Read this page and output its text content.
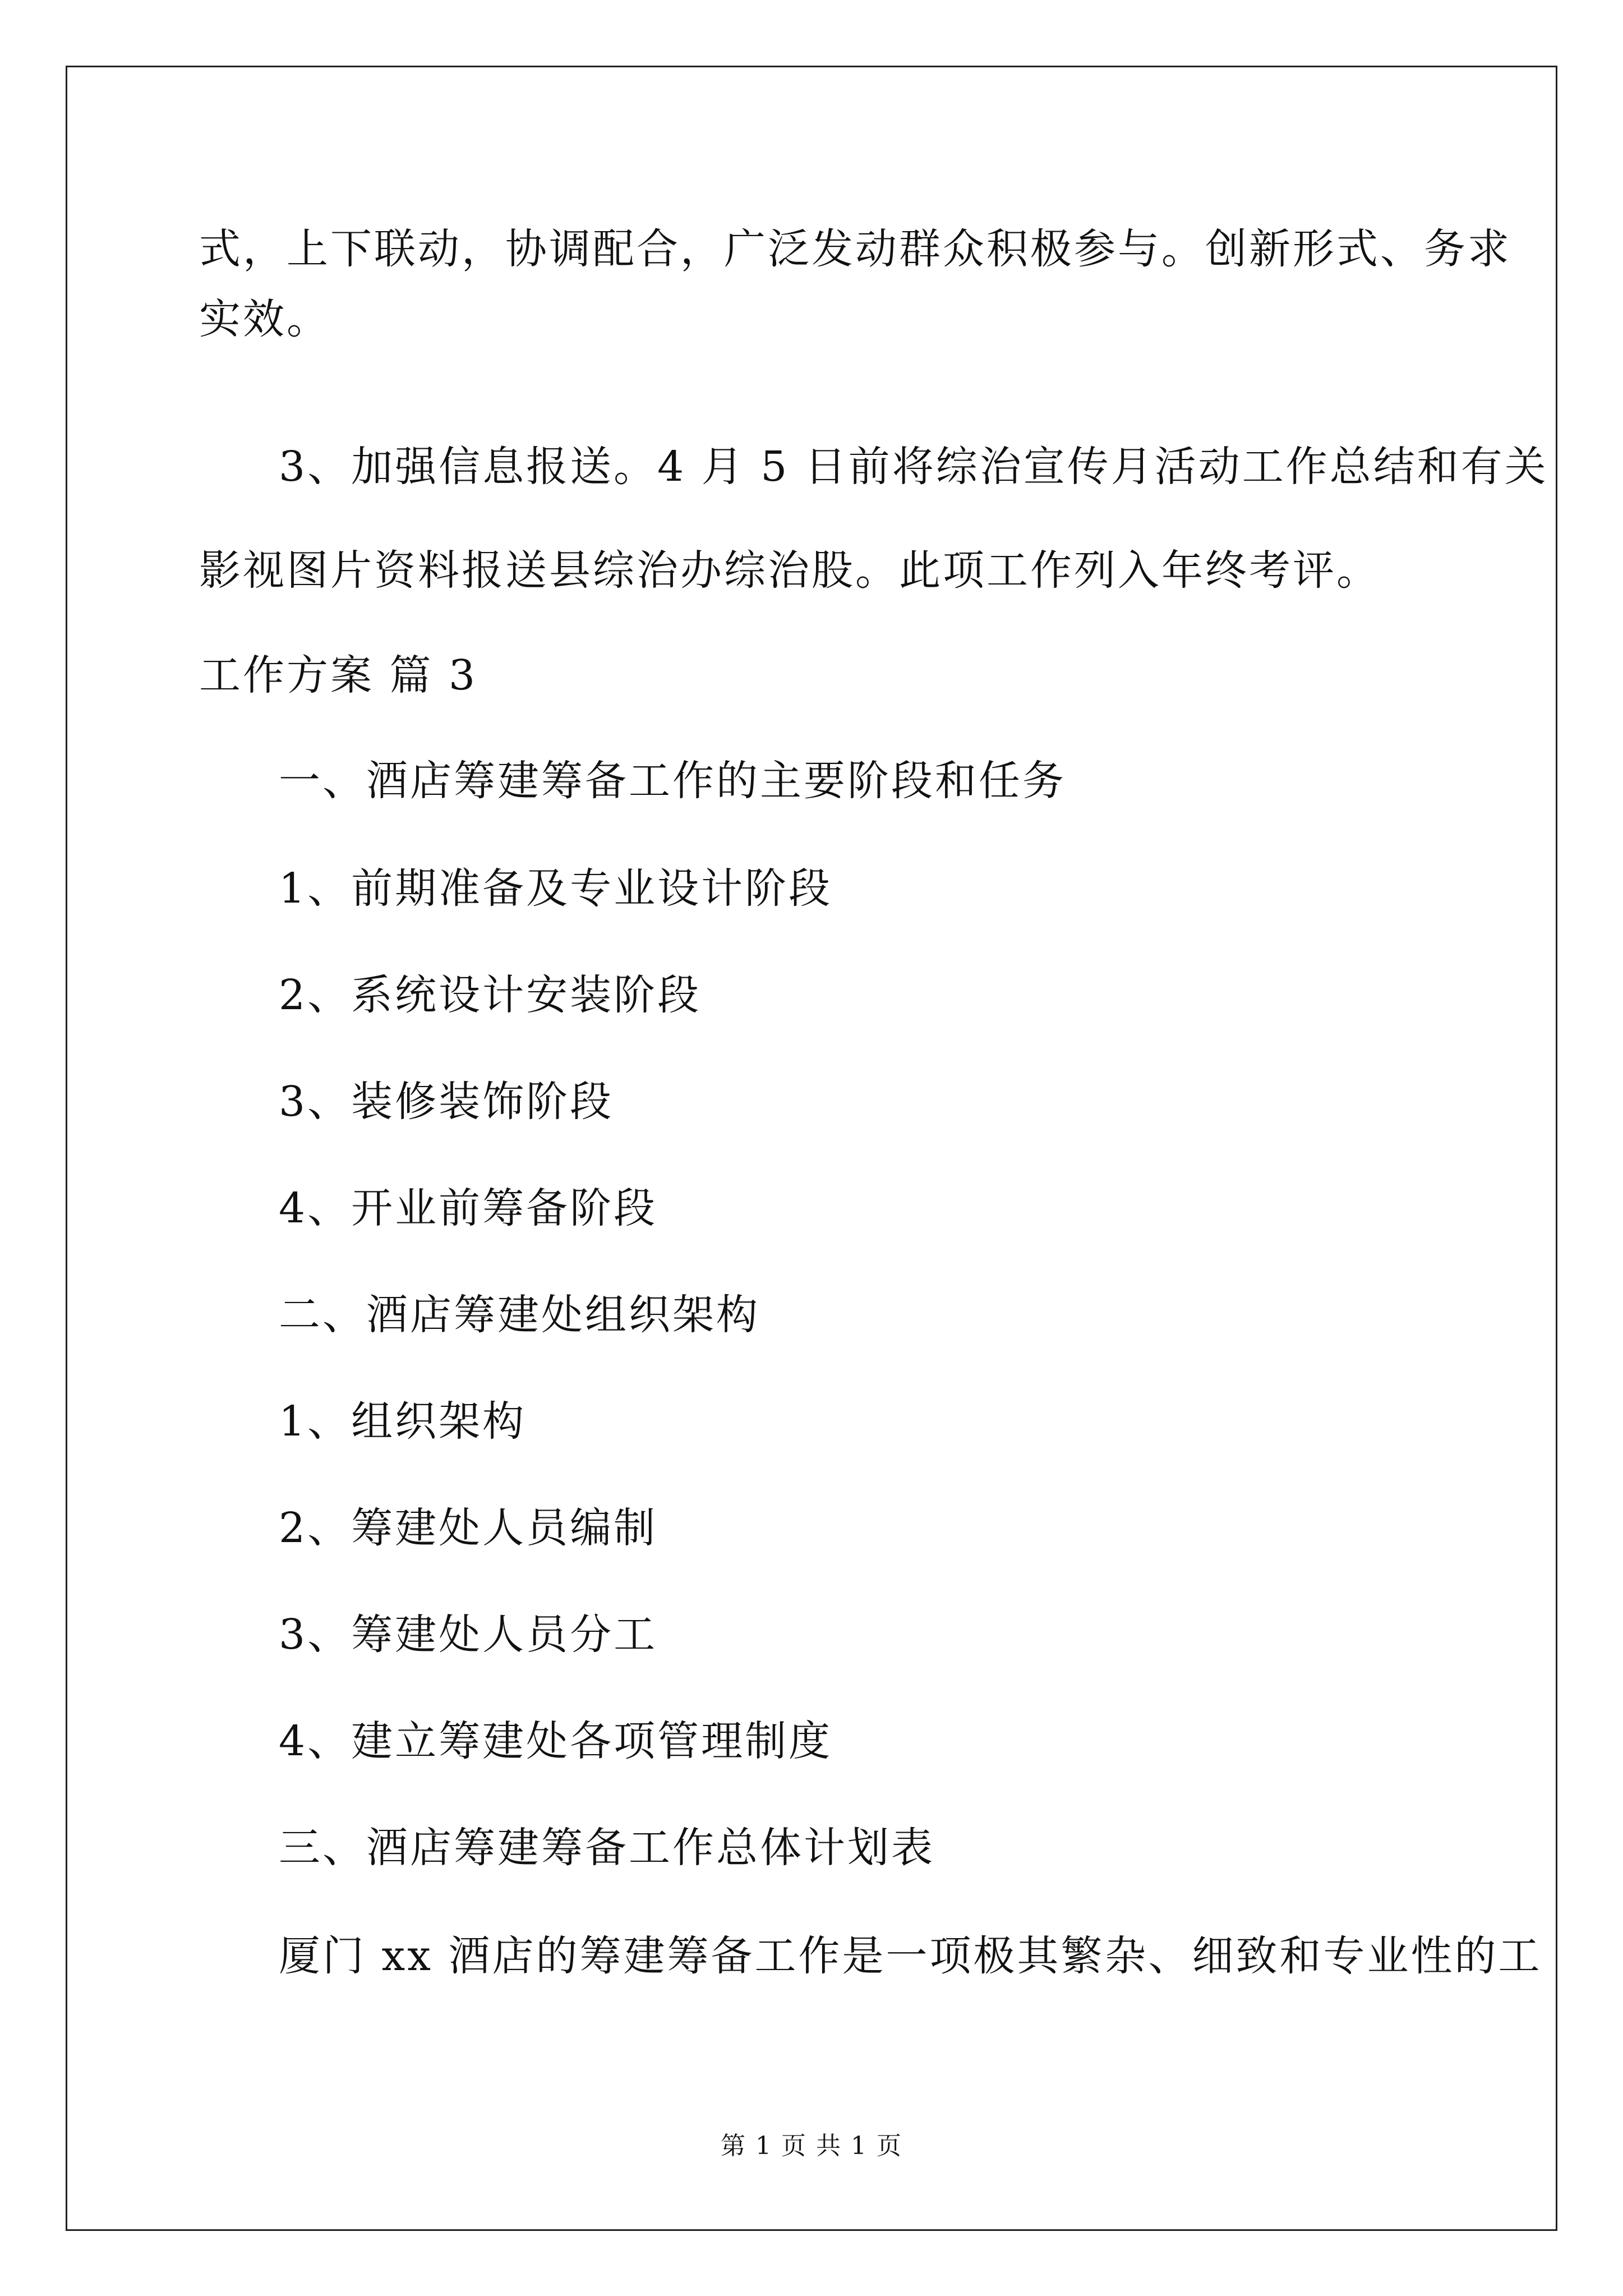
式，上下联动，协调配合，广泛发动群众积极参与。创新形式、务求
实效。
3、加强信息报送。4 月 5 日前将综治宣传月活动工作总结和有关
影视图片资料报送县综治办综治股。此项工作列入年终考评。
工作方案 篇 3
一、酒店筹建筹备工作的主要阶段和任务
1、前期准备及专业设计阶段
2、系统设计安装阶段
3、装修装饰阶段
4、开业前筹备阶段
二、酒店筹建处组织架构
1、组织架构
2、筹建处人员编制
3、筹建处人员分工
4、建立筹建处各项管理制度
三、酒店筹建筹备工作总体计划表
厦门 xx 酒店的筹建筹备工作是一项极其繁杂、细致和专业性的工
第 1 页 共 1 页
